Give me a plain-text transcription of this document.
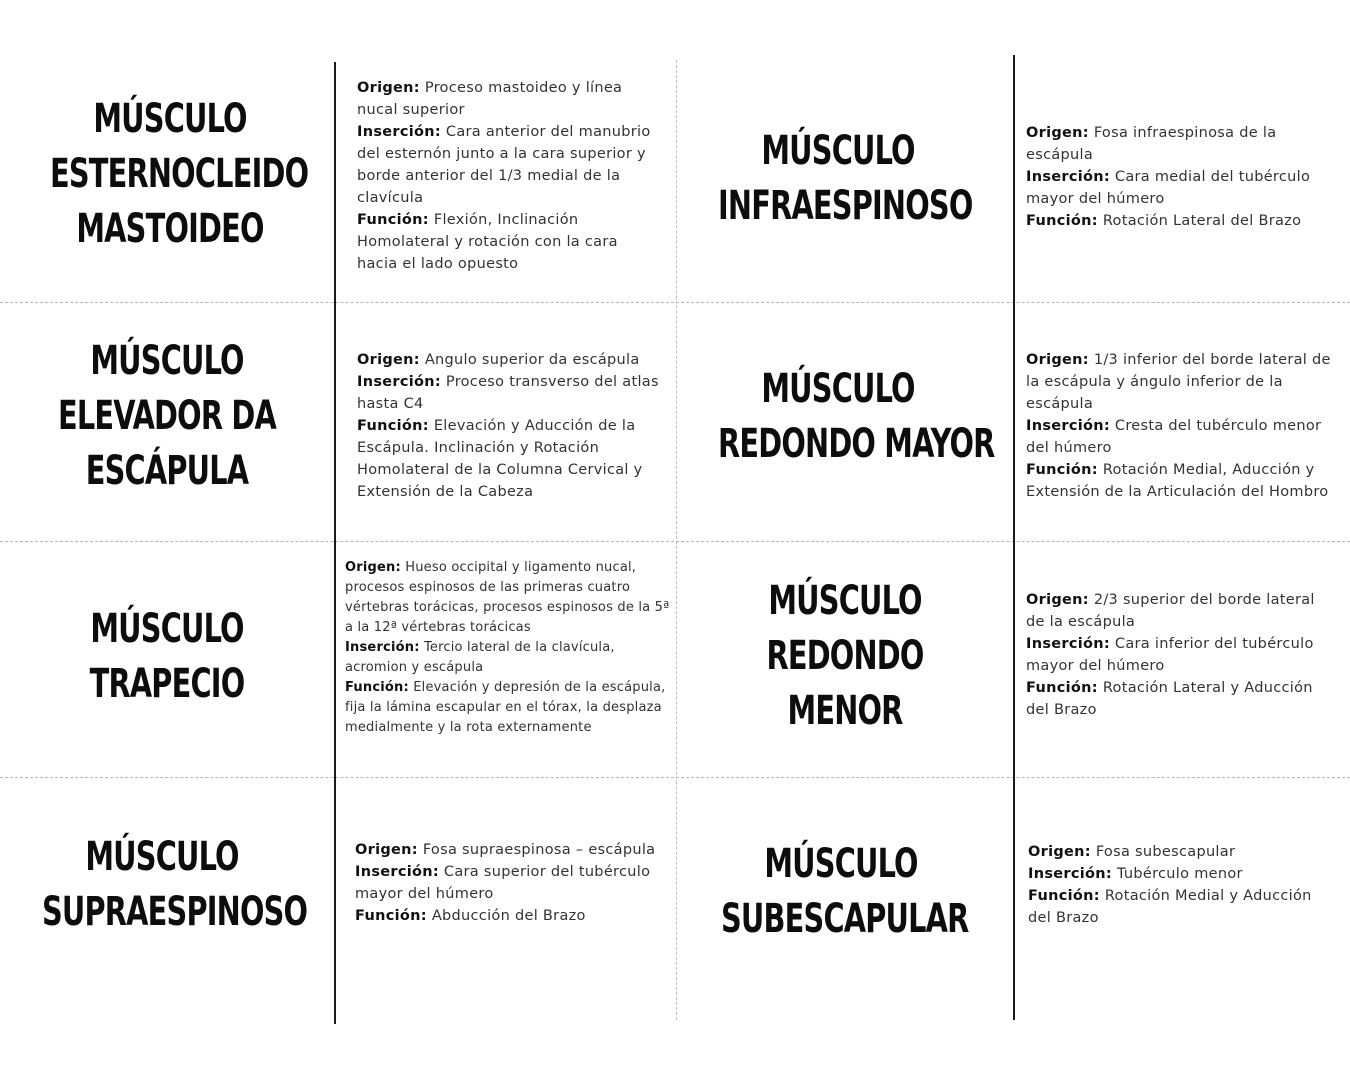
MÚSCULO
ESTERNOCLEIDO
MASTOIDEO

Origen: Proceso mastoideo y línea nucal superior

Inserción: Cara anterior del manubrio del esternón junto a la cara superior y borde anterior del 1/3 medial de la clavícula

Función: Flexión, Inclinación Homolateral y rotación con la cara hacia el lado opuesto

MÚSCULO
INFRAESPINOSO

Origen: Fosa infraespinosa de la escápula

Inserción: Cara medial del tubérculo mayor del húmero

Función: Rotación Lateral del Brazo

MÚSCULO
ELEVADOR DA
ESCÁPULA

Origen: Angulo superior da escápula

Inserción: Proceso transverso del atlas hasta C4

Función: Elevación y Aducción de la Escápula. Inclinación y Rotación Homolateral de la Columna Cervical y Extensión de la Cabeza

MÚSCULO
REDONDO MAYOR

Origen: 1/3 inferior del borde lateral de la escápula y ángulo inferior de la escápula

Inserción: Cresta del tubérculo menor del húmero

Función: Rotación Medial, Aducción y Extensión de la Articulación del Hombro

MÚSCULO
TRAPECIO

Origen: Hueso occipital y ligamento nucal, procesos espinosos de las primeras cuatro vértebras torácicas, procesos espinosos de la 5ª a la 12ª vértebras torácicas

Inserción: Tercio lateral de la clavícula, acromion y escápula

Función: Elevación y depresión de la escápula, fija la lámina escapular en el tórax, la desplaza medialmente y la rota externamente

MÚSCULO
REDONDO
MENOR

Origen: 2/3 superior del borde lateral de la escápula

Inserción: Cara inferior del tubérculo mayor del húmero

Función: Rotación Lateral y Aducción del Brazo

MÚSCULO
SUPRAESPINOSO

Origen: Fosa supraespinosa – escápula

Inserción: Cara superior del tubérculo mayor del húmero

Función: Abducción del Brazo

MÚSCULO
SUBESCAPULAR

Origen: Fosa subescapular

Inserción: Tubérculo menor

Función: Rotación Medial y Aducción del Brazo
